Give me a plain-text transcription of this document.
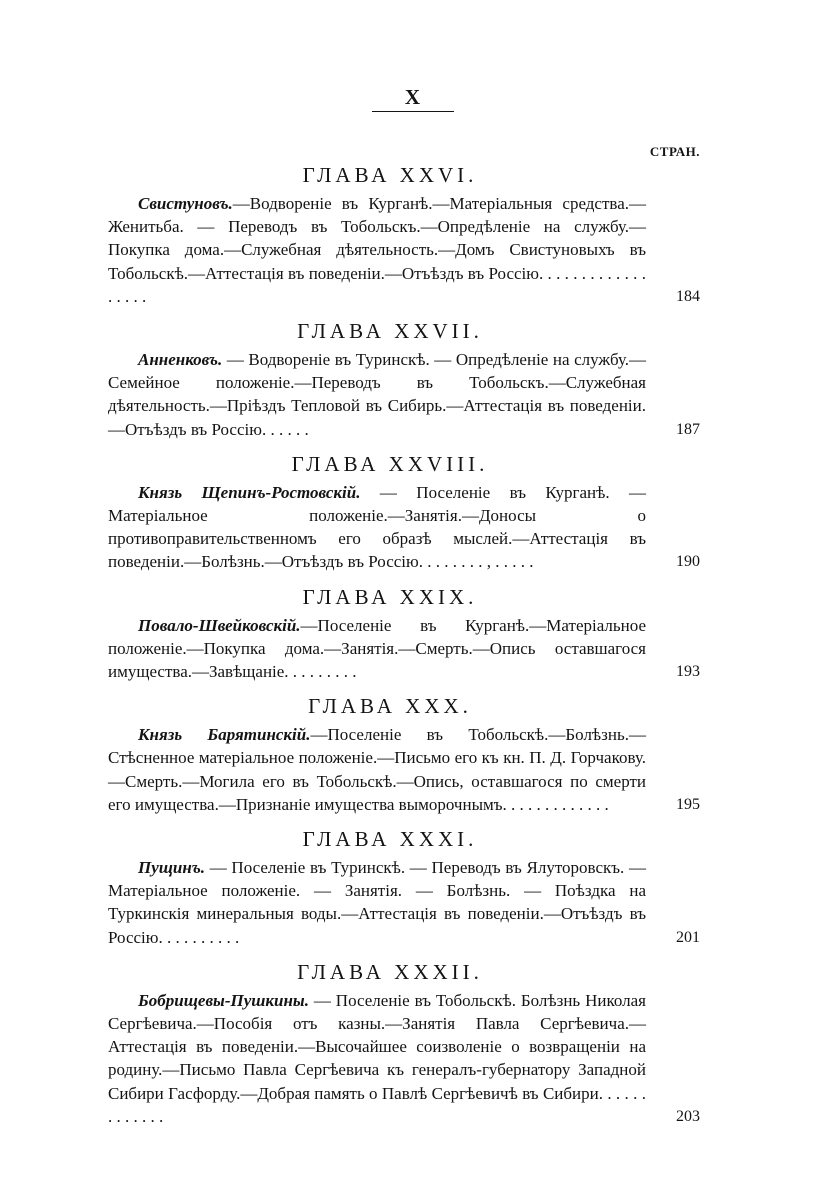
X
СТРАН.
ГЛАВА XXVI.
Свистуновъ.—Водвореніе въ Курганѣ.—Матеріальныя средства.—Женитьба. — Переводъ въ Тобольскъ.—Опредѣленіе на службу.—Покупка дома.—Служебная дѣятельность.—Домъ Свистуновыхъ въ Тобольскѣ.—Аттестація въ поведеніи.—Отъѣздъ въ Россію. . . . . . . . . . . . . . . . . .	184
ГЛАВА XXVII.
Анненковъ. — Водвореніе въ Туринскѣ. — Опредѣленіе на службу.—Семейное положеніе.—Переводъ въ Тобольскъ.—Служебная дѣятельность.—Пріѣздъ Тепловой въ Сибирь.—Аттестація въ поведеніи.—Отъѣздъ въ Россію. . . . . .	187
ГЛАВА XXVIII.
Князь Щепинъ-Ростовскій. — Поселеніе въ Курганѣ. — Матеріальное положеніе.—Занятія.—Доносы о противоправительственномъ его образѣ мыслей.—Аттестація въ поведеніи.—Болѣзнь.—Отъѣздъ въ Россію. . . . . . . . , . . . . .	190
ГЛАВА XXIX.
Повало-Швейковскій.—Поселеніе въ Курганѣ.—Матеріальное положеніе.—Покупка дома.—Занятія.—Смерть.—Опись оставшагося имущества.—Завѣщаніе. . . . . . . . .	193
ГЛАВА XXX.
Князь Барятинскій.—Поселеніе въ Тобольскѣ.—Болѣзнь.—Стѣсненное матеріальное положеніе.—Письмо его къ кн. П. Д. Горчакову.—Смерть.—Могила его въ Тобольскѣ.—Опись, оставшагося по смерти его имущества.—Признаніе имущества выморочнымъ. . . . . . . . . . . . .	195
ГЛАВА XXXI.
Пущинъ. — Поселеніе въ Туринскѣ. — Переводъ въ Ялуторовскъ. — Матеріальное положеніе. — Занятія. — Болѣзнь. — Поѣздка на Туркинскія минеральныя воды.—Аттестація въ поведеніи.—Отъѣздъ въ Россію. . . . . . . . . .	201
ГЛАВА XXXII.
Бобрищевы-Пушкины. — Поселеніе въ Тобольскѣ. Болѣзнь Николая Сергѣевича.—Пособія отъ казны.—Занятія Павла Сергѣевича.—Аттестація въ поведеніи.—Высочайшее соизволеніе о возвращеніи на родину.—Письмо Павла Сергѣевича къ генералъ-губернатору Западной Сибири Гасфорду.—Добрая память о Павлѣ Сергѣевичѣ въ Сибири. . . . . . . . . . . . .	203
